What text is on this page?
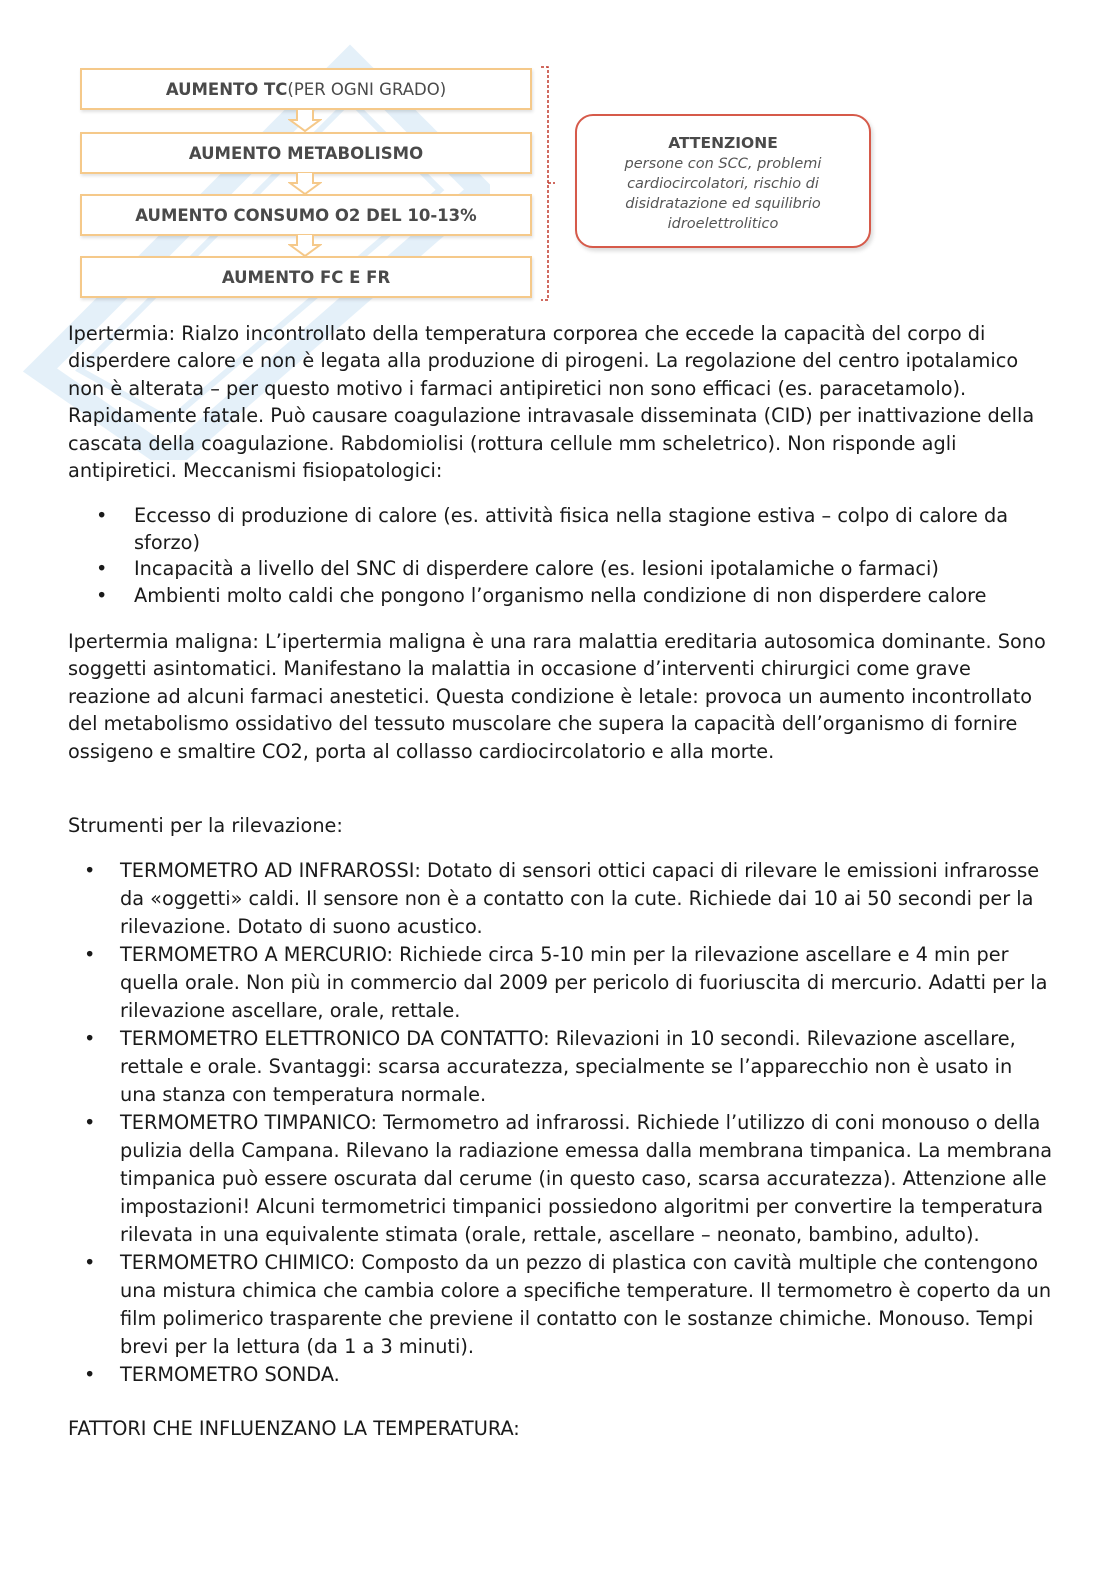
AUMENTO TC (PER OGNI GRADO)
AUMENTO METABOLISMO
AUMENTO CONSUMO O2 DEL 10-13%
AUMENTO FC E FR
ATTENZIONE
persone con SCC, problemi cardiocircolatori, rischio di disidratazione ed squilibrio idroelettrolitico

Ipertermia: Rialzo incontrollato della temperatura corporea che eccede la capacità del corpo di disperdere calore e non è legata alla produzione di pirogeni. La regolazione del centro ipotalamico non è alterata – per questo motivo i farmaci antipiretici non sono efficaci (es. paracetamolo). Rapidamente fatale. Può causare coagulazione intravasale disseminata (CID) per inattivazione della cascata della coagulazione. Rabdomiolisi (rottura cellule mm scheletrico). Non risponde agli antipiretici. Meccanismi fisiopatologici:

• Eccesso di produzione di calore (es. attività fisica nella stagione estiva – colpo di calore da sforzo)
• Incapacità a livello del SNC di disperdere calore (es. lesioni ipotalamiche o farmaci)
• Ambienti molto caldi che pongono l’organismo nella condizione di non disperdere calore

Ipertermia maligna: L’ipertermia maligna è una rara malattia ereditaria autosomica dominante. Sono soggetti asintomatici. Manifestano la malattia in occasione d’interventi chirurgici come grave reazione ad alcuni farmaci anestetici. Questa condizione è letale: provoca un aumento incontrollato del metabolismo ossidativo del tessuto muscolare che supera la capacità dell’organismo di fornire ossigeno e smaltire CO2, porta al collasso cardiocircolatorio e alla morte.

Strumenti per la rilevazione:

• TERMOMETRO AD INFRAROSSI: Dotato di sensori ottici capaci di rilevare le emissioni infrarosse da «oggetti» caldi. Il sensore non è a contatto con la cute. Richiede dai 10 ai 50 secondi per la rilevazione. Dotato di suono acustico.
• TERMOMETRO A MERCURIO: Richiede circa 5-10 min per la rilevazione ascellare e 4 min per quella orale. Non più in commercio dal 2009 per pericolo di fuoriuscita di mercurio. Adatti per la rilevazione ascellare, orale, rettale.
• TERMOMETRO ELETTRONICO DA CONTATTO: Rilevazioni in 10 secondi. Rilevazione ascellare, rettale e orale. Svantaggi: scarsa accuratezza, specialmente se l’apparecchio non è usato in una stanza con temperatura normale.
• TERMOMETRO TIMPANICO: Termometro ad infrarossi. Richiede l’utilizzo di coni monouso o della pulizia della Campana. Rilevano la radiazione emessa dalla membrana timpanica. La membrana timpanica può essere oscurata dal cerume (in questo caso, scarsa accuratezza). Attenzione alle impostazioni! Alcuni termometrici timpanici possiedono algoritmi per convertire la temperatura rilevata in una equivalente stimata (orale, rettale, ascellare – neonato, bambino, adulto).
• TERMOMETRO CHIMICO: Composto da un pezzo di plastica con cavità multiple che contengono una mistura chimica che cambia colore a specifiche temperature. Il termometro è coperto da un film polimerico trasparente che previene il contatto con le sostanze chimiche. Monouso. Tempi brevi per la lettura (da 1 a 3 minuti).
• TERMOMETRO SONDA.

FATTORI CHE INFLUENZANO LA TEMPERATURA:
